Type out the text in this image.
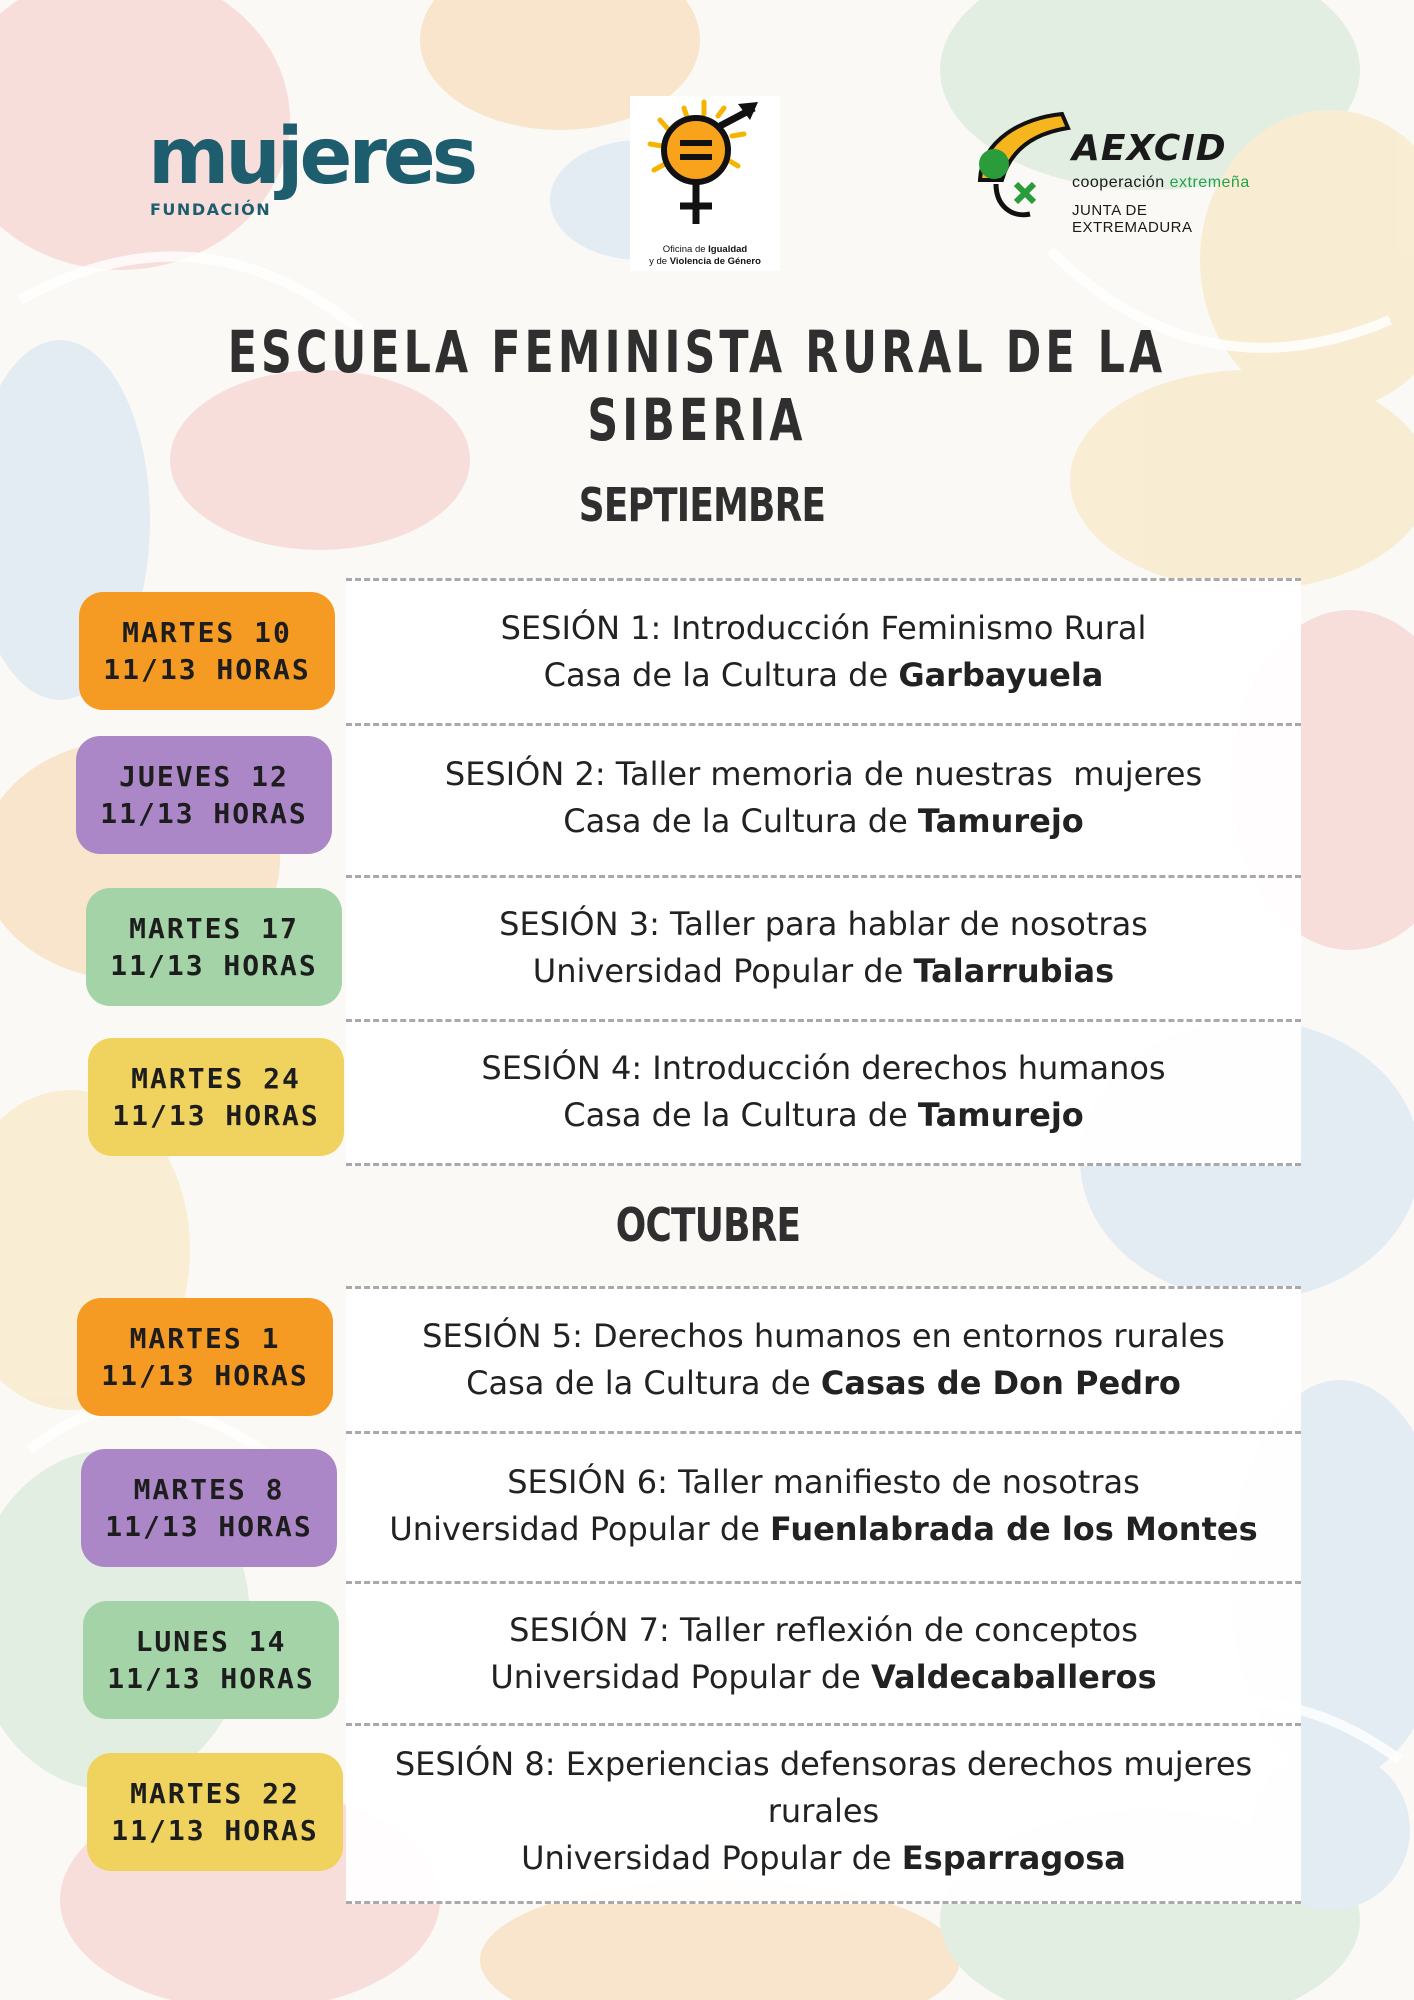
mujeres
FUNDACIÓN
Oficina de Igualdad
y de Violencia de Género
AEXCID
cooperación extremeña
JUNTA DE EXTREMADURA
ESCUELA FEMINISTA RURAL DE LA SIBERIA
SEPTIEMBRE
SESIÓN 1: Introducción Feminismo Rural
Casa de la Cultura de Garbayuela
SESIÓN 2: Taller memoria de nuestras  mujeres
Casa de la Cultura de Tamurejo
SESIÓN 3: Taller para hablar de nosotras
Universidad Popular de Talarrubias
SESIÓN 4: Introducción derechos humanos
Casa de la Cultura de Tamurejo
MARTES 10
11/13 HORAS
JUEVES 12
11/13 HORAS
MARTES 17
11/13 HORAS
MARTES 24
11/13 HORAS
OCTUBRE
SESIÓN 5: Derechos humanos en entornos rurales
Casa de la Cultura de Casas de Don Pedro
SESIÓN 6: Taller manifiesto de nosotras
Universidad Popular de Fuenlabrada de los Montes
SESIÓN 7: Taller reflexión de conceptos
Universidad Popular de Valdecaballeros
SESIÓN 8: Experiencias defensoras derechos mujeres
rurales
Universidad Popular de Esparragosa
MARTES 1
11/13 HORAS
MARTES 8
11/13 HORAS
LUNES 14
11/13 HORAS
MARTES 22
11/13 HORAS
